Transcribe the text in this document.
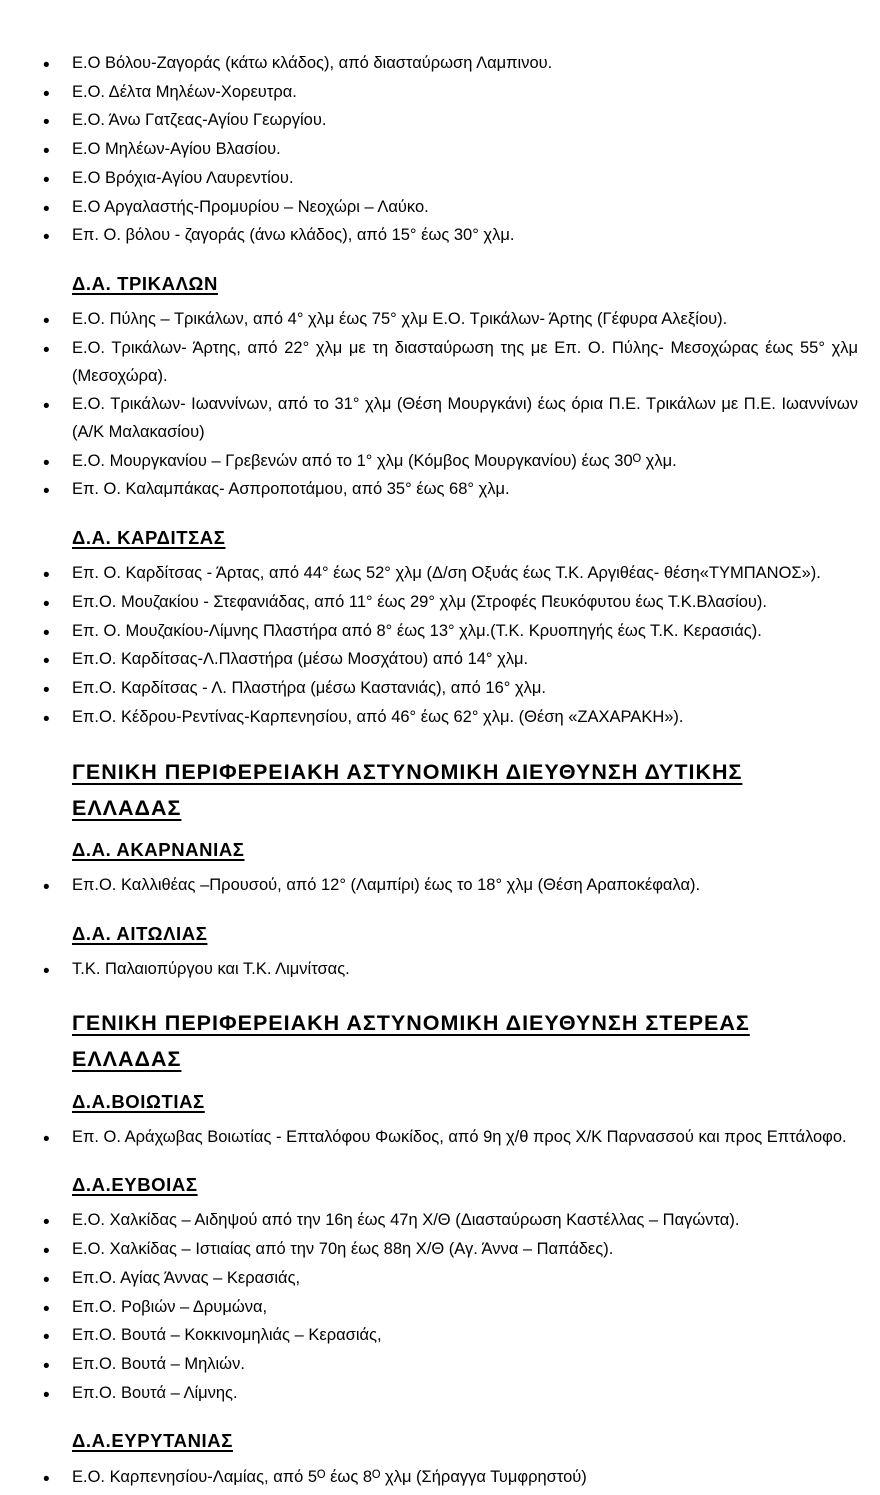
• Ε.Ο Βόλου-Ζαγοράς (κάτω κλάδος), από διασταύρωση Λαμπινου.
• Ε.Ο. Δέλτα Μηλέων-Χορευτρα.
• Ε.Ο. Άνω Γατζεας-Αγίου Γεωργίου.
• Ε.Ο Μηλέων-Αγίου Βλασίου.
• Ε.Ο Βρόχια-Αγίου Λαυρεντίου.
• Ε.Ο Αργαλαστής-Προμυρίου – Νεοχώρι – Λαύκο.
• Επ. Ο. βόλου - ζαγοράς (άνω κλάδος), από 15° έως 30° χλμ.
Δ.Α. ΤΡΙΚΑΛΩΝ
• Ε.Ο. Πύλης – Τρικάλων, από 4° χλμ έως 75° χλμ Ε.Ο. Τρικάλων- Άρτης (Γέφυρα Αλεξίου).
• Ε.Ο. Τρικάλων- Άρτης, από 22° χλμ με τη διασταύρωση της με Επ. Ο. Πύλης- Μεσοχώρας έως 55° χλμ (Μεσοχώρα).
• Ε.Ο. Τρικάλων- Ιωαννίνων, από το 31° χλμ (Θέση Μουργκάνι) έως όρια Π.Ε. Τρικάλων με Π.Ε. Ιωαννίνων (Α/Κ Μαλακασίου)
• Ε.Ο. Μουργκανίου – Γρεβενών από το 1° χλμ (Κόμβος Μουργκανίου) έως 30ᴼ χλμ.
• Επ. Ο. Καλαμπάκας- Ασπροποτάμου, από 35° έως 68° χλμ.
Δ.Α. ΚΑΡΔΙΤΣΑΣ
• Επ. Ο. Καρδίτσας - Άρτας, από 44° έως 52° χλμ (Δ/ση Οξυάς έως Τ.Κ. Αργιθέας- θέση«ΤΥΜΠΑΝΟΣ»).
• Επ.Ο. Μουζακίου - Στεφανιάδας, από 11° έως 29° χλμ (Στροφές Πευκόφυτου έως Τ.Κ.Βλασίου).
• Επ. Ο. Μουζακίου-Λίμνης Πλαστήρα από 8° έως 13° χλμ.(Τ.Κ. Κρυοπηγής έως Τ.Κ. Κερασιάς).
• Επ.Ο. Καρδίτσας-Λ.Πλαστήρα (μέσω Μοσχάτου) από 14° χλμ.
• Επ.Ο. Καρδίτσας - Λ. Πλαστήρα (μέσω Καστανιάς), από 16° χλμ.
• Επ.Ο. Κέδρου-Ρεντίνας-Καρπενησίου, από 46° έως 62° χλμ. (Θέση «ΖΑΧΑΡΑΚΗ»).
ΓΕΝΙΚΗ ΠΕΡΙΦΕΡΕΙΑΚΗ ΑΣΤΥΝΟΜΙΚΗ ΔΙΕΥΘΥΝΣΗ ΔΥΤΙΚΗΣ ΕΛΛΑΔΑΣ
Δ.Α. ΑΚΑΡΝΑΝΙΑΣ
• Επ.Ο. Καλλιθέας –Προυσού, από 12° (Λαμπίρι) έως το 18° χλμ (Θέση Αραποκέφαλα).
Δ.Α. ΑΙΤΩΛΙΑΣ
• Τ.Κ. Παλαιοπύργου και Τ.Κ. Λιμνίτσας.
ΓΕΝΙΚΗ ΠΕΡΙΦΕΡΕΙΑΚΗ ΑΣΤΥΝΟΜΙΚΗ ΔΙΕΥΘΥΝΣΗ ΣΤΕΡΕΑΣ ΕΛΛΑΔΑΣ
Δ.Α.ΒΟΙΩΤΙΑΣ
• Επ. Ο. Αράχωβας Βοιωτίας - Επταλόφου Φωκίδος, από 9η χ/θ προς Χ/Κ Παρνασσού και προς Επτάλοφο.
Δ.Α.ΕΥΒΟΙΑΣ
• Ε.Ο. Χαλκίδας – Αιδηψού από την 16η έως 47η Χ/Θ (Διασταύρωση Καστέλλας – Παγώντα).
• Ε.Ο. Χαλκίδας – Ιστιαίας από την 70η έως 88η Χ/Θ (Αγ. Άννα – Παπάδες).
• Επ.Ο. Αγίας Άννας – Κερασιάς,
• Επ.Ο. Ροβιών – Δρυμώνα,
• Επ.Ο. Βουτά – Κοκκινομηλιάς – Κερασιάς,
• Επ.Ο. Βουτά – Μηλιών.
• Επ.Ο. Βουτά – Λίμνης.
Δ.Α.ΕΥΡΥΤΑΝΙΑΣ
• Ε.Ο. Καρπενησίου-Λαμίας, από 5ᴼ έως 8ᴼ χλμ (Σήραγγα Τυμφρηστού)
